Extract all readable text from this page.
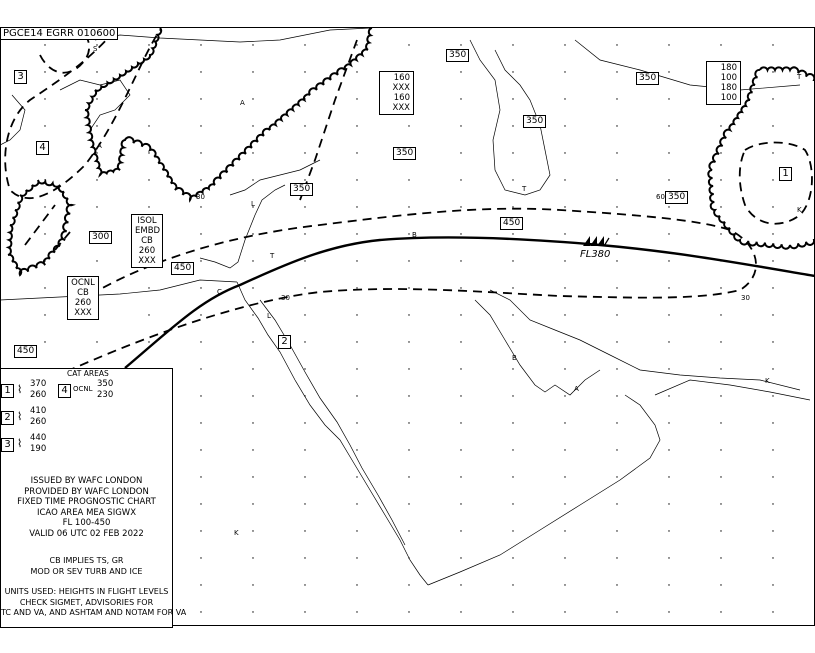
PGCE14 EGRR 010600
3
4
2
1
350
350
350
350
350
350
450
450
300
450
160
XXX
160
XXX
180
100
180
100
ISOL
EMBD
CB
260
XXX
OCNL
CB
260
XXX
FL380
B
S
A
A
L
T
C
L
T
B
A
K
K
T
K
30
30	30
60
CAT AREAS
1 ⌇ 370
260
2 ⌇ 410
260
3 ⌇ 440
190
4 OCNL 350
230
ISSUED BY WAFC LONDON
PROVIDED BY WAFC LONDON
FIXED TIME PROGNOSTIC CHART
ICAO AREA MEA SIGWX
FL 100-450
VALID 06 UTC 02 FEB 2022
CB IMPLIES TS, GR
MOD OR SEV TURB AND ICE
UNITS USED: HEIGHTS IN FLIGHT LEVELS
CHECK SIGMET, ADVISORIES FOR
TC AND VA, AND ASHTAM AND NOTAM FOR VA
